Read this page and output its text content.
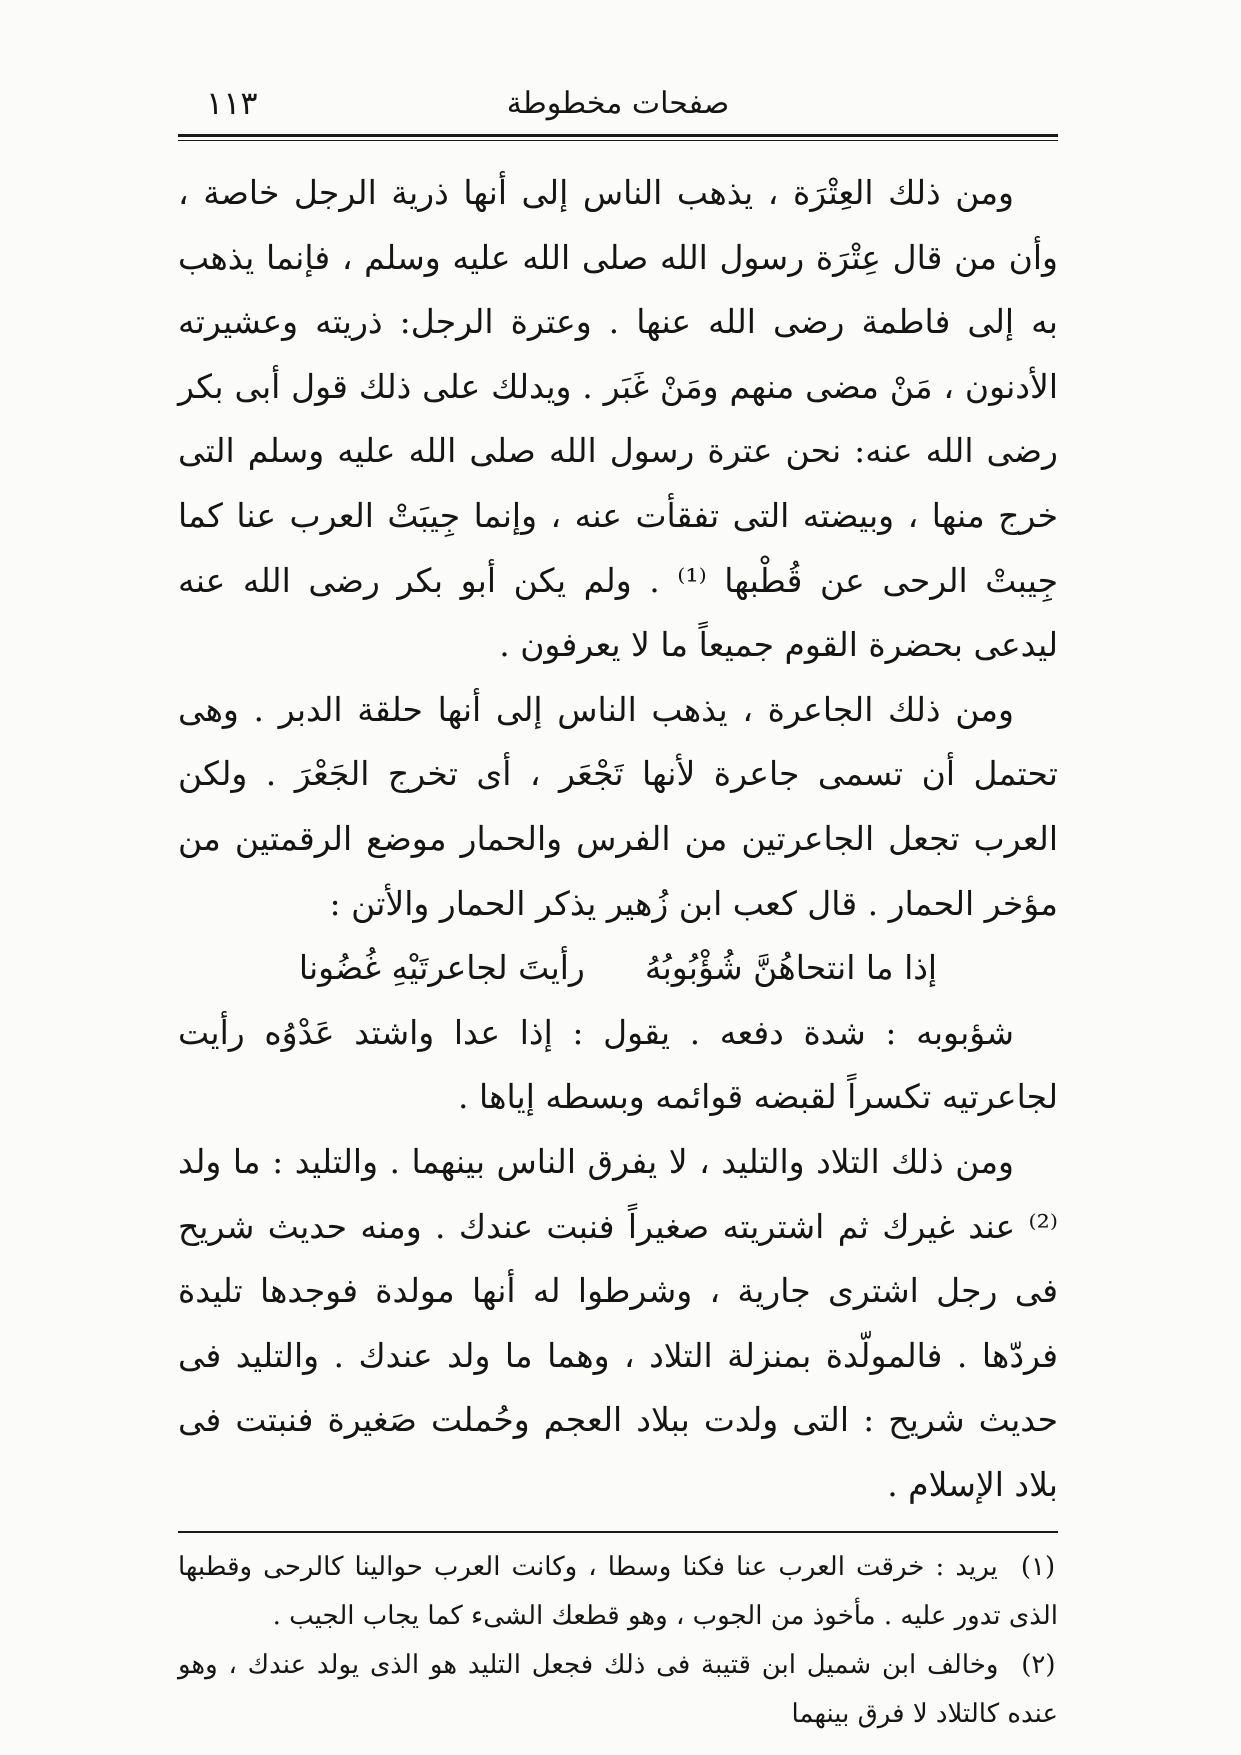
صفحات مخطوطة
١١٣
ومن ذلك العِتْرَة ، يذهب الناس إلى أنها ذرية الرجل خاصة ، وأن من قال عِتْرَة رسول الله صلى الله عليه وسلم ، فإنما يذهب به إلى فاطمة رضى الله عنها . وعترة الرجل: ذريته وعشيرته الأدنون ، مَنْ مضى منهم ومَنْ غَبَر . ويدلك على ذلك قول أبى بكر رضى الله عنه: نحن عترة رسول الله صلى الله عليه وسلم التى خرج منها ، وبيضته التى تفقأت عنه ، وإنما جِيبَتْ العرب عنا كما جِيبتْ الرحى عن قُطْبها ⁽¹⁾ . ولم يكن أبو بكر رضى الله عنه ليدعى بحضرة القوم جميعاً ما لا يعرفون .
ومن ذلك الجاعرة ، يذهب الناس إلى أنها حلقة الدبر . وهى تحتمل أن تسمى جاعرة لأنها تَجْعَر ، أى تخرج الجَعْرَ . ولكن العرب تجعل الجاعرتين من الفرس والحمار موضع الرقمتين من مؤخر الحمار . قال كعب ابن زُهير يذكر الحمار والأتن :
إذا ما انتحاهُنَّ شُؤْبُوبُهُ
رأيتَ لجاعرتَيْهِ غُضُونا
شؤبوبه : شدة دفعه . يقول : إذا عدا واشتد عَدْوُه رأيت لجاعرتيه تكسراً لقبضه قوائمه وبسطه إياها .
ومن ذلك التلاد والتليد ، لا يفرق الناس بينهما . والتليد : ما ولد ⁽²⁾ عند غيرك ثم اشتريته صغيراً فنبت عندك . ومنه حديث شريح فى رجل اشترى جارية ، وشرطوا له أنها مولدة فوجدها تليدة فردّها . فالمولّدة بمنزلة التلاد ، وهما ما ولد عندك . والتليد فى حديث شريح : التى ولدت ببلاد العجم وحُملت صَغيرة فنبتت فى بلاد الإسلام .
(١) يريد : خرقت العرب عنا فكنا وسطا ، وكانت العرب حوالينا كالرحى وقطبها الذى تدور عليه . مأخوذ من الجوب ، وهو قطعك الشىء كما يجاب الجيب .
(٢) وخالف ابن شميل ابن قتيبة فى ذلك فجعل التليد هو الذى يولد عندك ، وهو عنده كالتلاد لا فرق بينهما
